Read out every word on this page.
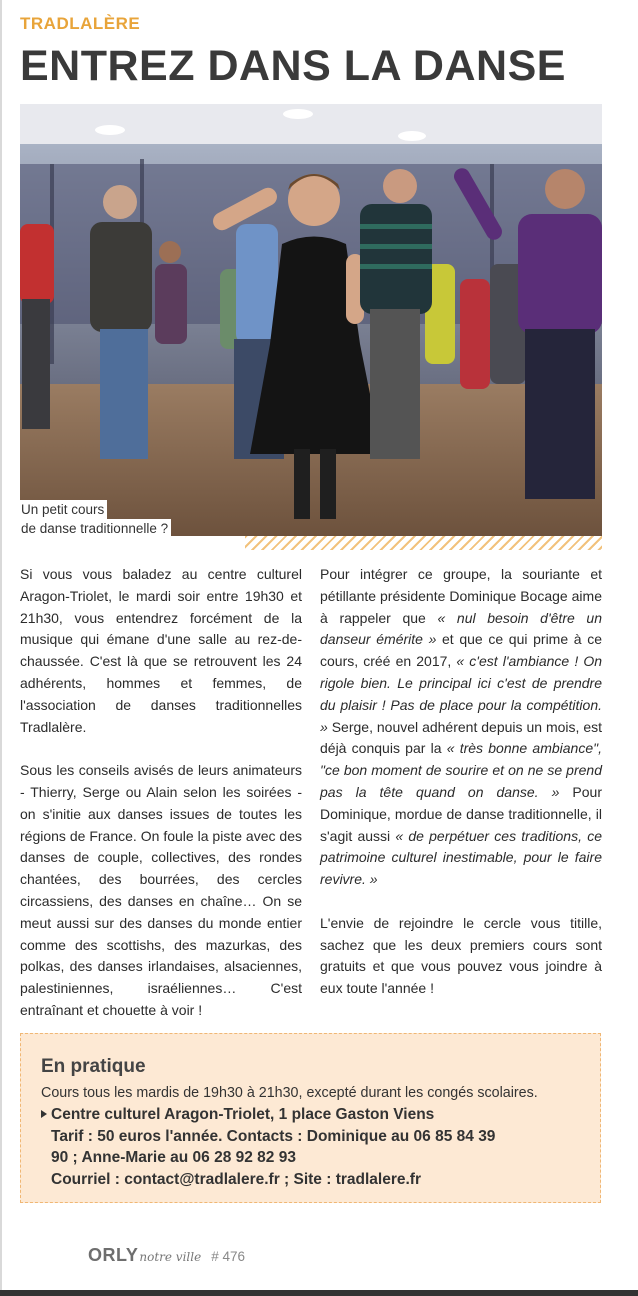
TRADLALÈRE
ENTREZ DANS LA DANSE
Un petit cours
de danse traditionnelle ?

Si vous vous baladez au centre culturel Aragon-Triolet, le mardi soir entre 19h30 et 21h30, vous entendrez forcément de la musique qui émane d'une salle au rez-de-chaussée. C'est là que se retrouvent les 24 adhérents, hommes et femmes, de l'association de danses traditionnelles Tradlalère.

Sous les conseils avisés de leurs animateurs - Thierry, Serge ou Alain selon les soirées - on s'initie aux danses issues de toutes les régions de France. On foule la piste avec des danses de couple, collectives, des rondes chantées, des bourrées, des cercles circassiens, des danses en chaîne… On se meut aussi sur des danses du monde entier comme des scottishs, des mazurkas, des polkas, des danses irlandaises, alsaciennes, palestiniennes, israéliennes… C'est entraînant et chouette à voir !

Pour intégrer ce groupe, la souriante et pétillante présidente Dominique Bocage aime à rappeler que « nul besoin d'être un danseur émérite » et que ce qui prime à ce cours, créé en 2017, « c'est l'ambiance ! On rigole bien. Le principal ici c'est de prendre du plaisir ! Pas de place pour la compétition. » Serge, nouvel adhérent depuis un mois, est déjà conquis par la « très bonne ambiance", "ce bon moment de sourire et on ne se prend pas la tête quand on danse. » Pour Dominique, mordue de danse traditionnelle, il s'agit aussi « de perpétuer ces traditions, ce patrimoine culturel inestimable, pour le faire revivre. »

L'envie de rejoindre le cercle vous titille, sachez que les deux premiers cours sont gratuits et que vous pouvez vous joindre à eux toute l'année !

En pratique
Cours tous les mardis de 19h30 à 21h30, excepté durant les congés scolaires.
Centre culturel Aragon-Triolet, 1 place Gaston Viens
Tarif : 50 euros l'année. Contacts : Dominique au 06 85 84 39
90 ; Anne-Marie au 06 28 92 82 93
Courriel : contact@tradlalere.fr ; Site : tradlalere.fr
ORLYnotre ville # 476
